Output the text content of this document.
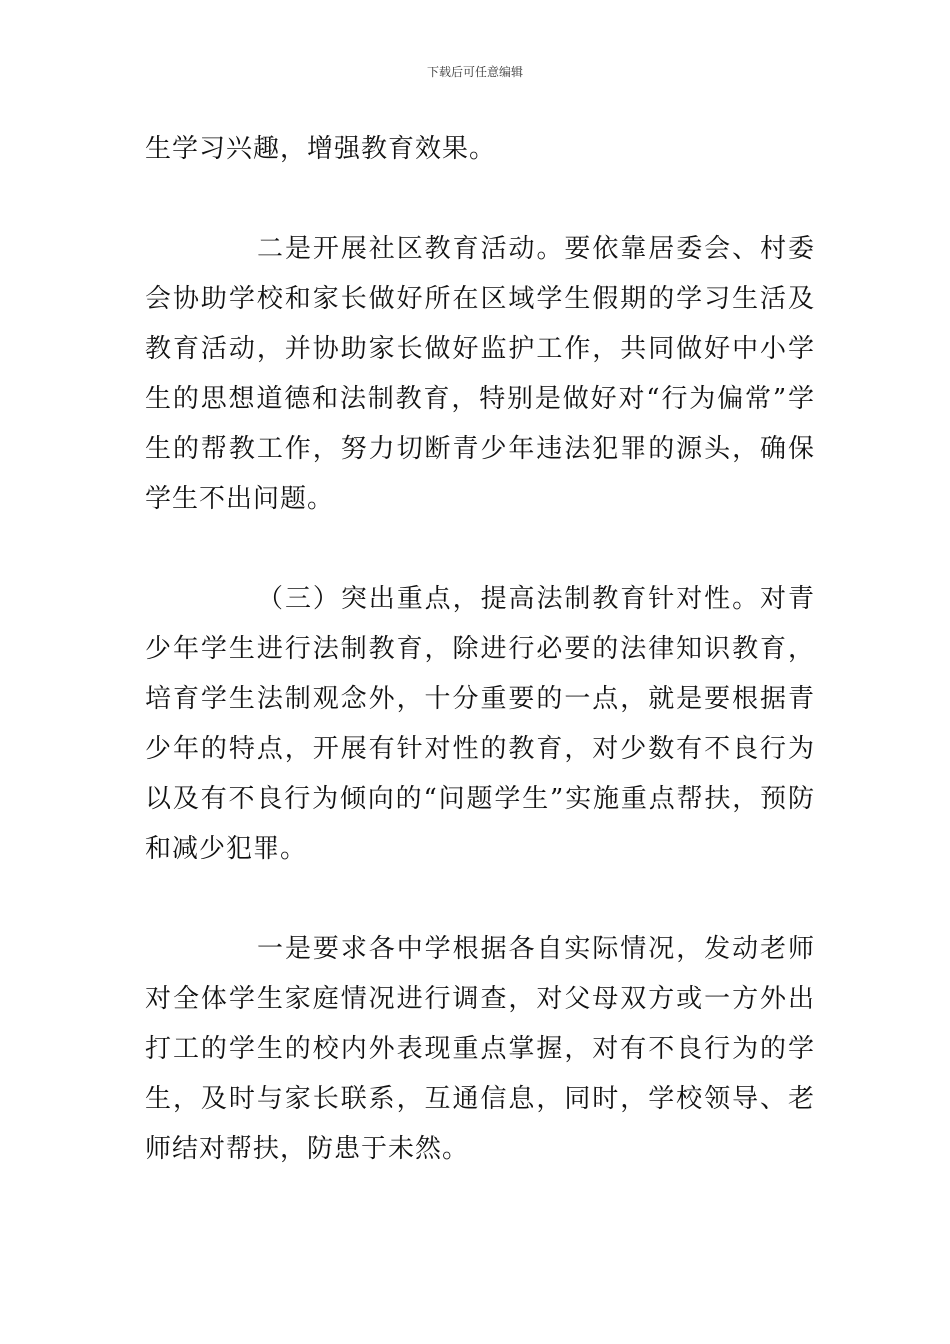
下载后可任意编辑

生学习兴趣，增强教育效果。

二是开展社区教育活动。要依靠居委会、村委会协助学校和家长做好所在区域学生假期的学习生活及教育活动，并协助家长做好监护工作，共同做好中小学生的思想道德和法制教育，特别是做好对“行为偏常”学生的帮教工作，努力切断青少年违法犯罪的源头，确保学生不出问题。

（三）突出重点，提高法制教育针对性。对青少年学生进行法制教育，除进行必要的法律知识教育，培育学生法制观念外，十分重要的一点，就是要根据青少年的特点，开展有针对性的教育，对少数有不良行为以及有不良行为倾向的“问题学生”实施重点帮扶，预防和减少犯罪。

一是要求各中学根据各自实际情况，发动老师对全体学生家庭情况进行调查，对父母双方或一方外出打工的学生的校内外表现重点掌握，对有不良行为的学生，及时与家长联系，互通信息，同时，学校领导、老师结对帮扶，防患于未然。
